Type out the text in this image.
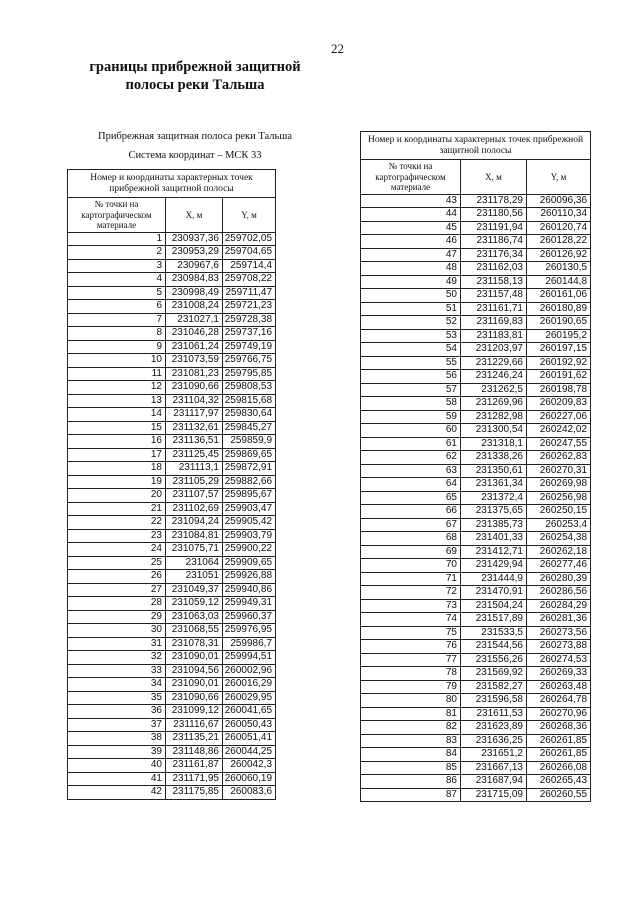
22
границы прибрежной защитной
полосы реки Тальша
Прибрежная защитная полоса реки Тальша
Система координат – МСК 33
Номер и координаты характерных точек прибрежной защитной полосы		
№ точки на картографическом материале	X, м	Y, м
1	230937,36	259702,05
2	230953,29	259704,65
3	230967,6	259714,4
4	230984,83	259708,22
5	230998,49	259711,47
6	231008,24	259721,23
7	231027,1	259728,38
8	231046,28	259737,16
9	231061,24	259749,19
10	231073,59	259766,75
11	231081,23	259795,85
12	231090,66	259808,53
13	231104,32	259815,68
14	231117,97	259830,64
15	231132,61	259845,27
16	231136,51	259859,9
17	231125,45	259869,65
18	231113,1	259872,91
19	231105,29	259882,66
20	231107,57	259895,67
21	231102,69	259903,47
22	231094,24	259905,42
23	231084,81	259903,79
24	231075,71	259900,22
25	231064	259909,65
26	231051	259926,88
27	231049,37	259940,86
28	231059,12	259949,31
29	231063,03	259960,37
30	231068,55	259976,95
31	231078,31	259986,7
32	231090,01	259994,51
33	231094,56	260002,96
34	231090,01	260016,29
35	231090,66	260029,95
36	231099,12	260041,65
37	231116,67	260050,43
38	231135,21	260051,41
39	231148,86	260044,25
40	231161,87	260042,3
41	231171,95	260060,19
42	231175,85	260083,6
Номер и координаты характерных точек прибрежной защитной полосы		
№ точки на картографическом материале	X, м	Y, м
43	231178,29	260096,36
44	231180,56	260110,34
45	231191,94	260120,74
46	231186,74	260128,22
47	231176,34	260126,92
48	231162,03	260130,5
49	231158,13	260144,8
50	231157,48	260161,06
51	231161,71	260180,89
52	231169,83	260190,65
53	231183,81	260195,2
54	231203,97	260197,15
55	231229,66	260192,92
56	231246,24	260191,62
57	231262,5	260198,78
58	231269,96	260209,83
59	231282,98	260227,06
60	231300,54	260242,02
61	231318,1	260247,55
62	231338,26	260262,83
63	231350,61	260270,31
64	231361,34	260269,98
65	231372,4	260256,98
66	231375,65	260250,15
67	231385,73	260253,4
68	231401,33	260254,38
69	231412,71	260262,18
70	231429,94	260277,46
71	231444,9	260280,39
72	231470,91	260286,56
73	231504,24	260284,29
74	231517,89	260281,36
75	231533,5	260273,56
76	231544,56	260273,88
77	231556,26	260274,53
78	231569,92	260269,33
79	231582,27	260263,48
80	231596,58	260264,78
81	231611,53	260270,96
82	231623,89	260268,36
83	231636,25	260261,85
84	231651,2	260261,85
85	231667,13	260266,08
86	231687,94	260265,43
87	231715,09	260260,55
